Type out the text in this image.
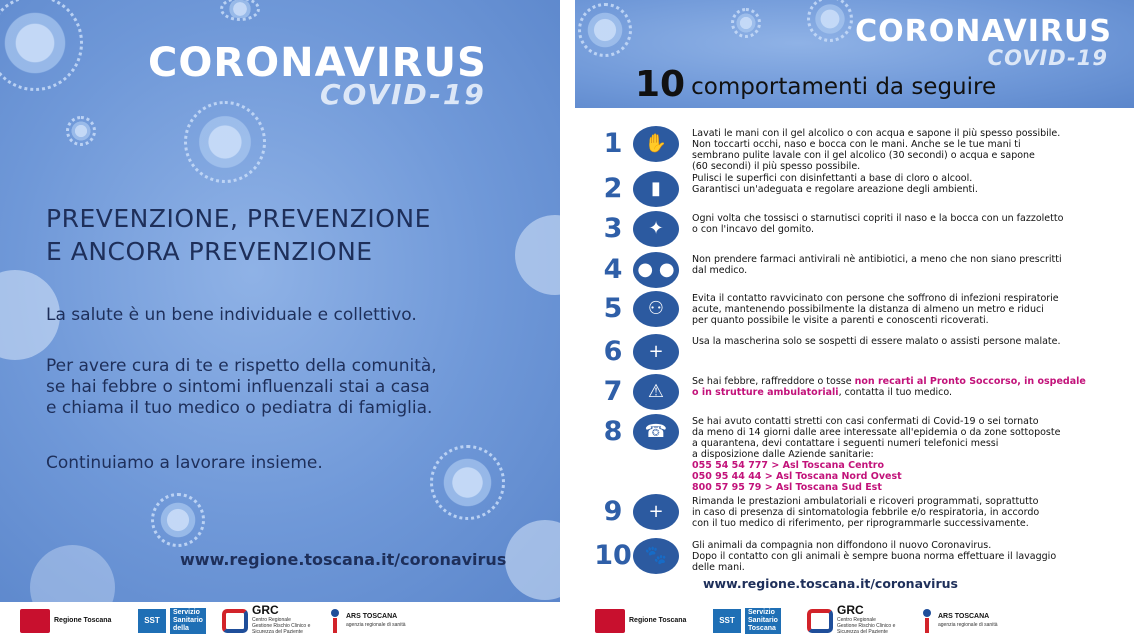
CORONAVIRUS
COVID-19
PREVENZIONE, PREVENZIONE
E ANCORA PREVENZIONE
La salute è un bene individuale e collettivo.
Per avere cura di te e rispetto della comunità,
se hai febbre o sintomi influenzali stai a casa
e chiama il tuo medico o pediatra di famiglia.
Continuiamo a lavorare insieme.
www.regione.toscana.it/coronavirus
CORONAVIRUS
COVID-19
10 comportamenti da seguire
1	✋	Lavati le mani con il gel alcolico o con acqua e sapone il più spesso possibile.
Non toccarti occhi, naso e bocca con le mani. Anche se le tue mani ti
sembrano pulite lavale con il gel alcolico (30 secondi) o acqua e sapone
(60 secondi) il più spesso possibile.
2	▮	Pulisci le superfici con disinfettanti a base di cloro o alcool.
Garantisci un'adeguata e regolare areazione degli ambienti.
3	✦	Ogni volta che tossisci o starnutisci copriti il naso e la bocca con un fazzoletto
o con l'incavo del gomito.
4 ● ●	Non prendere farmaci antivirali nè antibiotici, a meno che non siano prescritti
dal medico.
5	⚇	Evita il contatto ravvicinato con persone che soffrono di infezioni respiratorie
acute, mantenendo possibilmente la distanza di almeno un metro e riduci
per quanto possibile le visite a parenti e conoscenti ricoverati.
6	+	Usa la mascherina solo se sospetti di essere malato o assisti persone malate.
7	⚠	Se hai febbre, raffreddore o tosse non recarti al Pronto Soccorso, in ospedale
o in strutture ambulatoriali, contatta il tuo medico.
8	☎	Se hai avuto contatti stretti con casi confermati di Covid-19 o sei tornato
da meno di 14 giorni dalle aree interessate all'epidemia o da zone sottoposte
a quarantena, devi contattare i seguenti numeri telefonici messi
a disposizione dalle Aziende sanitarie:
055 54 54 777 > Asl Toscana Centro
050 95 44 44 > Asl Toscana Nord Ovest
800 57 95 79 > Asl Toscana Sud Est
9	+	Rimanda le prestazioni ambulatoriali e ricoveri programmati, soprattutto
in caso di presenza di sintomatologia febbrile e/o respiratoria, in accordo
con il tuo medico di riferimento, per riprogrammarle successivamente.
10 🐾	Gli animali da compagnia non diffondono il nuovo Coronavirus.
Dopo il contatto con gli animali è sempre buona norma effettuare il lavaggio
delle mani.
www.regione.toscana.it/coronavirus
Regione Toscana	SST
Servizio
Sanitario
della
GRC
Centro Regionale Gestione Rischio Clinico e Sicurezza del Paziente
ARS TOSCANA
agenzia regionale di sanità
Regione Toscana	SST
Servizio
Sanitario
Toscana
GRC
Centro Regionale Gestione Rischio Clinico e Sicurezza del Paziente
ARS TOSCANA
agenzia regionale di sanità
